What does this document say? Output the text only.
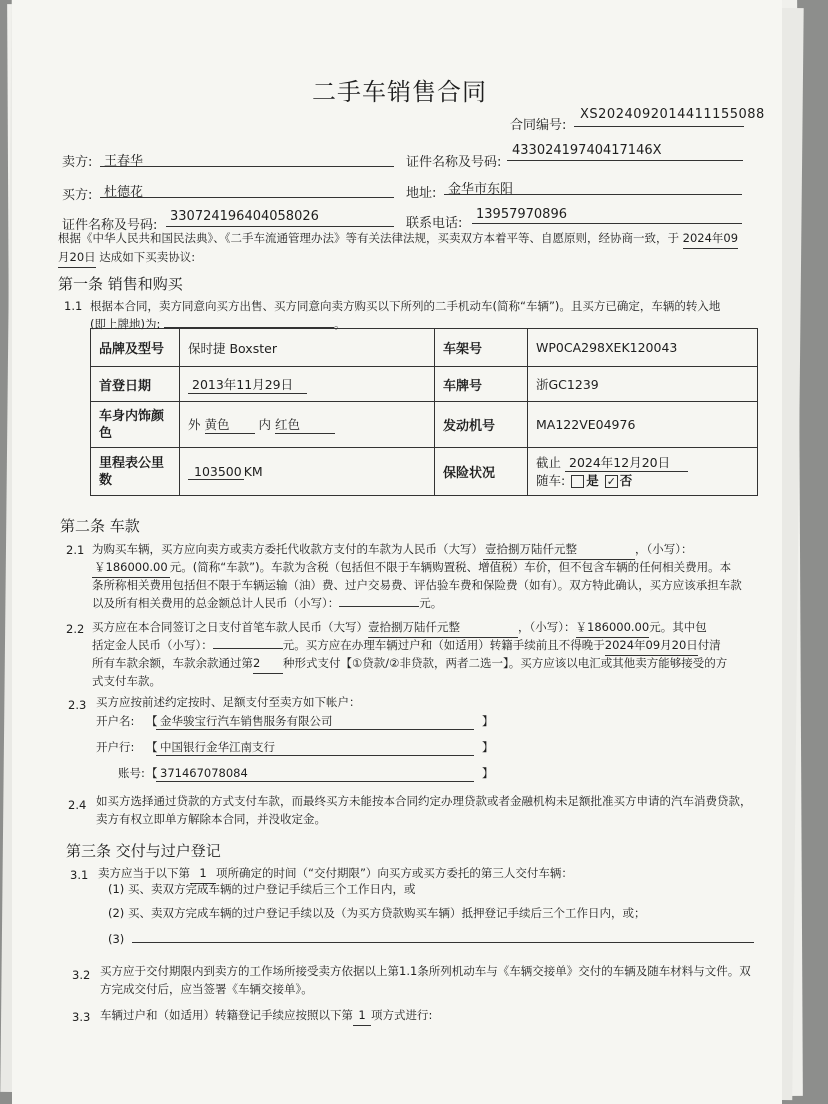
二手车销售合同
合同编号:
XS2024092014411155088
卖方: 王春华	证件名称及号码:
43302419740417146X
买方: 杜德花	地址: 金华市东阳
证件名称及号码:
330724196404058026	联系电话:
13957970896
根据《中华人民共和国民法典》、《二手车流通管理办法》等有关法律法规，买卖双方本着平等、自愿原则，经协商一致，于 2024年09
月20日 达成如下买卖协议:
第一条 销售和购买
1.1 根据本合同，卖方同意向买方出售、买方同意向卖方购买以下所列的二手机动车(简称“车辆”)。且买方已确定，车辆的转入地
(即上牌地)为:	。
品牌及型号	保时捷 Boxster	车架号	WP0CA298XEK120043
首登日期	2013年11月29日	车牌号	浙GC1239
车身内饰颜色	外 黄色 内 红色	发动机号	MA122VE04976
里程表公里数	103500 KM	保险状况	截止 2024年12月20日
随车: 是 ✓ 否
第二条 车款
2.1 为购买车辆，买方应向卖方或卖方委托代收款方支付的车款为人民币（大写） 壹拾捌万陆仟元整	，（小写）：
￥186000.00 元。(简称“车款”)。车款为含税（包括但不限于车辆购置税、增值税）车价，但不包含车辆的任何相关费用。本
条所称相关费用包括但不限于车辆运输（油）费、过户交易费、评估验车费和保险费（如有）。双方特此确认，买方应该承担车款
以及所有相关费用的总金额总计人民币（小写）：	元。
2.2 买方应在本合同签订之日支付首笔车款人民币（大写）壹拾捌万陆仟元整	，（小写）：￥186000.00元。其中包
括定金人民币（小写）：	元。买方应在办理车辆过户和（如适用）转籍手续前且不得晚于2024年09月20日付清
所有车款余额，车款余款通过第2 种形式支付【①贷款/②非贷款，两者二选一】。买方应该以电汇或其他卖方能够接受的方
式支付车款。
2.3 买方应按前述约定按时、足额支付至卖方如下帐户：
开户名: 【 金华骏宝行汽车销售服务有限公司	】
开户行: 【 中国银行金华江南支行	】
账号: 【 371467078084	】
2.4 如买方选择通过贷款的方式支付车款，而最终买方未能按本合同约定办理贷款或者金融机构未足额批准买方申请的汽车消费贷款，
卖方有权立即单方解除本合同，并没收定金。
第三条 交付与过户登记
3.1 卖方应当于以下第 1 项所确定的时间（“交付期限”）向买方或买方委托的第三人交付车辆：
(1) 买、卖双方完成车辆的过户登记手续后三个工作日内，或
(2) 买、卖双方完成车辆的过户登记手续以及（为买方贷款购买车辆）抵押登记手续后三个工作日内，或；
(3)
3.2 买方应于交付期限内到卖方的工作场所接受卖方依据以上第1.1条所列机动车与《车辆交接单》交付的车辆及随车材料与文件。双
方完成交付后，应当签署《车辆交接单》。
3.3 车辆过户和（如适用）转籍登记手续应按照以下第 1 项方式进行:
